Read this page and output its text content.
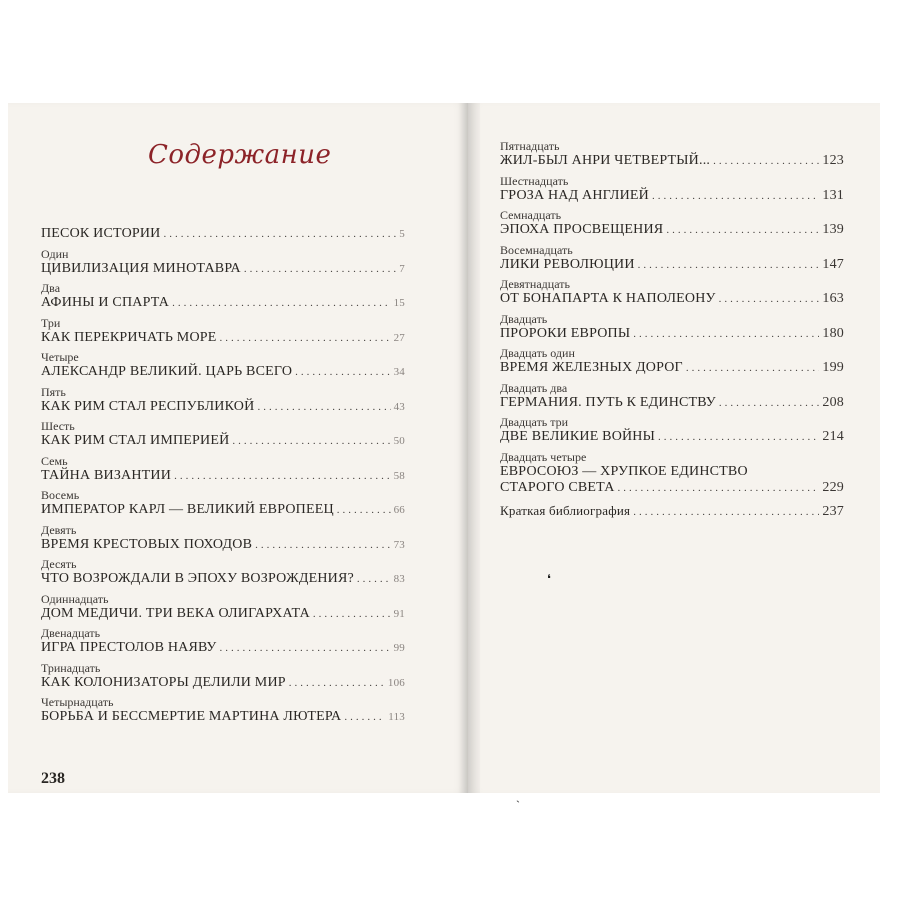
Содержание
ПЕСОК ИСТОРИИ .....	5
Один
ЦИВИЛИЗАЦИЯ МИНОТАВРА .....	7
Два
АФИНЫ И СПАРТА .....	15
Три
КАК ПЕРЕКРИЧАТЬ МОРЕ .....	27
Четыре
АЛЕКСАНДР ВЕЛИКИЙ. ЦАРЬ ВСЕГО .....	34
Пять
КАК РИМ СТАЛ РЕСПУБЛИКОЙ .....	43
Шесть
КАК РИМ СТАЛ ИМПЕРИЕЙ .....	50
Семь
ТАЙНА ВИЗАНТИИ .....	58
Восемь
ИМПЕРАТОР КАРЛ — ВЕЛИКИЙ ЕВРОПЕЕЦ .....	66
Девять
ВРЕМЯ КРЕСТОВЫХ ПОХОДОВ .....	73
Десять
ЧТО ВОЗРОЖДАЛИ В ЭПОХУ ВОЗРОЖДЕНИЯ? .....	83
Одиннадцать
ДОМ МЕДИЧИ. ТРИ ВЕКА ОЛИГАРХАТА .....	91
Двенадцать
ИГРА ПРЕСТОЛОВ НАЯВУ .....	99
Тринадцать
КАК КОЛОНИЗАТОРЫ ДЕЛИЛИ МИР .....	106
Четырнадцать
БОРЬБА И БЕССМЕРТИЕ МАРТИНА ЛЮТЕРА .....	113
Пятнадцать
ЖИЛ-БЫЛ АНРИ ЧЕТВЕРТЫЙ... .....	123
Шестнадцать
ГРОЗА НАД АНГЛИЕЙ .....	131
Семнадцать
ЭПОХА ПРОСВЕЩЕНИЯ .....	139
Восемнадцать
ЛИКИ РЕВОЛЮЦИИ .....	147
Девятнадцать
ОТ БОНАПАРТА К НАПОЛЕОНУ .....	163
Двадцать
ПРОРОКИ ЕВРОПЫ .....	180
Двадцать один
ВРЕМЯ ЖЕЛЕЗНЫХ ДОРОГ .....	199
Двадцать два
ГЕРМАНИЯ. ПУТЬ К ЕДИНСТВУ .....	208
Двадцать три
ДВЕ ВЕЛИКИЕ ВОЙНЫ .....	214
Двадцать четыре
ЕВРОСОЮЗ — ХРУПКОЕ ЕДИНСТВО
СТАРОГО СВЕТА .....	229
Краткая библиография .....	237
238
❛
ˎ
